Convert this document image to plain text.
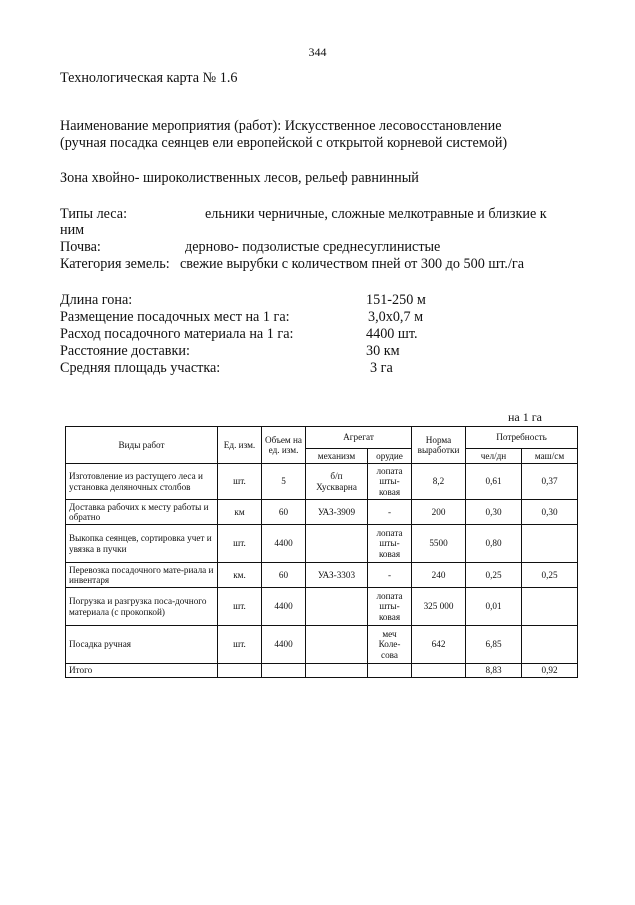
344
Технологическая карта № 1.6
Наименование мероприятия (работ): Искусственное лесовосстановление
(ручная посадка сеянцев ели европейской с открытой корневой системой)
Зона хвойно- широколиственных лесов, рельеф равнинный
Типы леса:	ельники черничные, сложные мелкотравные и близкие к
ним
Почва:	дерново- подзолистые среднесуглинистые
Категория земель: свежие вырубки с количеством пней от 300 до 500 шт./га
Длина гона:	151-250 м
Размещение посадочных мест на 1 га:	3,0х0,7 м
Расход посадочного материала на 1 га:	4400 шт.
Расстояние доставки:	30 км
Средняя площадь участка:	3 га
на 1 га
Виды работ	Ед. изм.	Объем на ед. изм.	Агрегат		Норма выработки	Потребность	
			механизм	орудие		чел/дн	маш/см
Изготовление из растущего леса и установка деляночных столбов	шт.	5	б/п Хускварна	лопата шты-ковая	8,2	0,61	0,37
Доставка рабочих к месту работы и обратно	км	60	УАЗ-3909	-	200	0,30	0,30
Выкопка сеянцев, сортировка учет и увязка в пучки	шт.	4400		лопата шты-ковая	5500	0,80	
Перевозка посадочного мате-риала и инвентаря	км.	60	УАЗ-3303	-	240	0,25	0,25
Погрузка и разгрузка поса-дочного материала (с прокопкой)	шт.	4400		лопата шты-ковая	325 000	0,01	
Посадка ручная	шт.	4400		меч Коле-сова	642	6,85	
Итого						8,83	0,92
